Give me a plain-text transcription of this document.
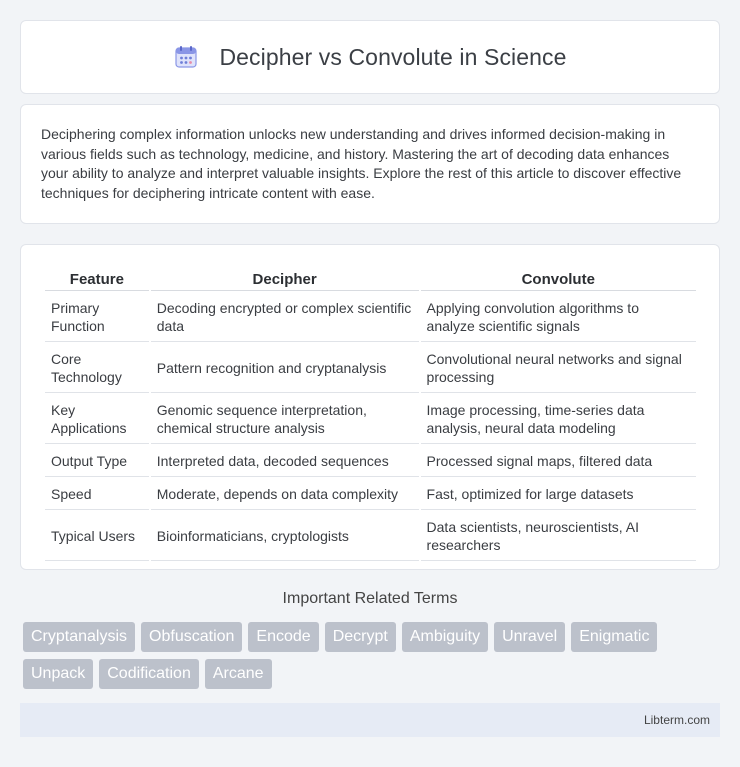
Decipher vs Convolute in Science

Deciphering complex information unlocks new understanding and drives informed decision-making in various fields such as technology, medicine, and history. Mastering the art of decoding data enhances your ability to analyze and interpret valuable insights. Explore the rest of this article to discover effective techniques for deciphering intricate content with ease.

Feature	Decipher	Convolute
Primary Function	Decoding encrypted or complex scientific data	Applying convolution algorithms to analyze scientific signals
Core Technology	Pattern recognition and cryptanalysis	Convolutional neural networks and signal processing
Key Applications	Genomic sequence interpretation, chemical structure analysis	Image processing, time-series data analysis, neural data modeling
Output Type	Interpreted data, decoded sequences	Processed signal maps, filtered data
Speed	Moderate, depends on data complexity	Fast, optimized for large datasets
Typical Users	Bioinformaticians, cryptologists	Data scientists, neuroscientists, AI researchers
Important Related Terms
Cryptanalysis	Obfuscation	Encode	Decrypt	Ambiguity	Unravel	Enigmatic
Unpack	Codification	Arcane
Libterm.com
